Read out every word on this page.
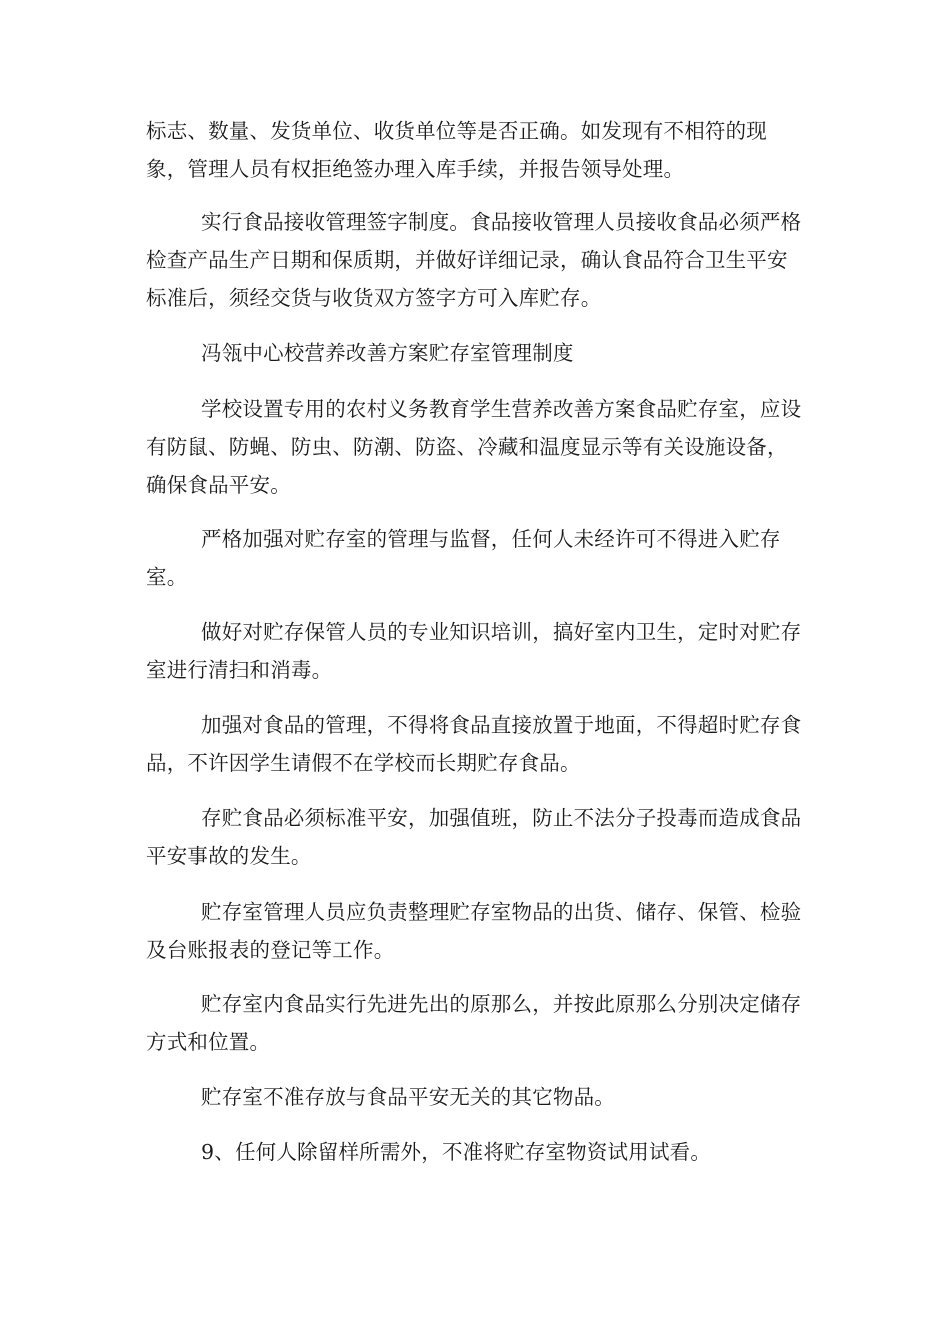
标志、数量、发货单位、收货单位等是否正确。如发现有不相符的现象，管理人员有权拒绝签办理入库手续，并报告领导处理。

实行食品接收管理签字制度。食品接收管理人员接收食品必须严格检查产品生产日期和保质期，并做好详细记录，确认食品符合卫生平安标准后，须经交货与收货双方签字方可入库贮存。

冯瓴中心校营养改善方案贮存室管理制度

学校设置专用的农村义务教育学生营养改善方案食品贮存室，应设有防鼠、防蝇、防虫、防潮、防盗、冷藏和温度显示等有关设施设备，确保食品平安。

严格加强对贮存室的管理与监督，任何人未经许可不得进入贮存室。

做好对贮存保管人员的专业知识培训，搞好室内卫生，定时对贮存室进行清扫和消毒。

加强对食品的管理，不得将食品直接放置于地面，不得超时贮存食品，不许因学生请假不在学校而长期贮存食品。

存贮食品必须标准平安，加强值班，防止不法分子投毒而造成食品平安事故的发生。

贮存室管理人员应负责整理贮存室物品的出货、储存、保管、检验及台账报表的登记等工作。

贮存室内食品实行先进先出的原那么，并按此原那么分别决定储存方式和位置。

贮存室不准存放与食品平安无关的其它物品。

9、任何人除留样所需外，不准将贮存室物资试用试看。
